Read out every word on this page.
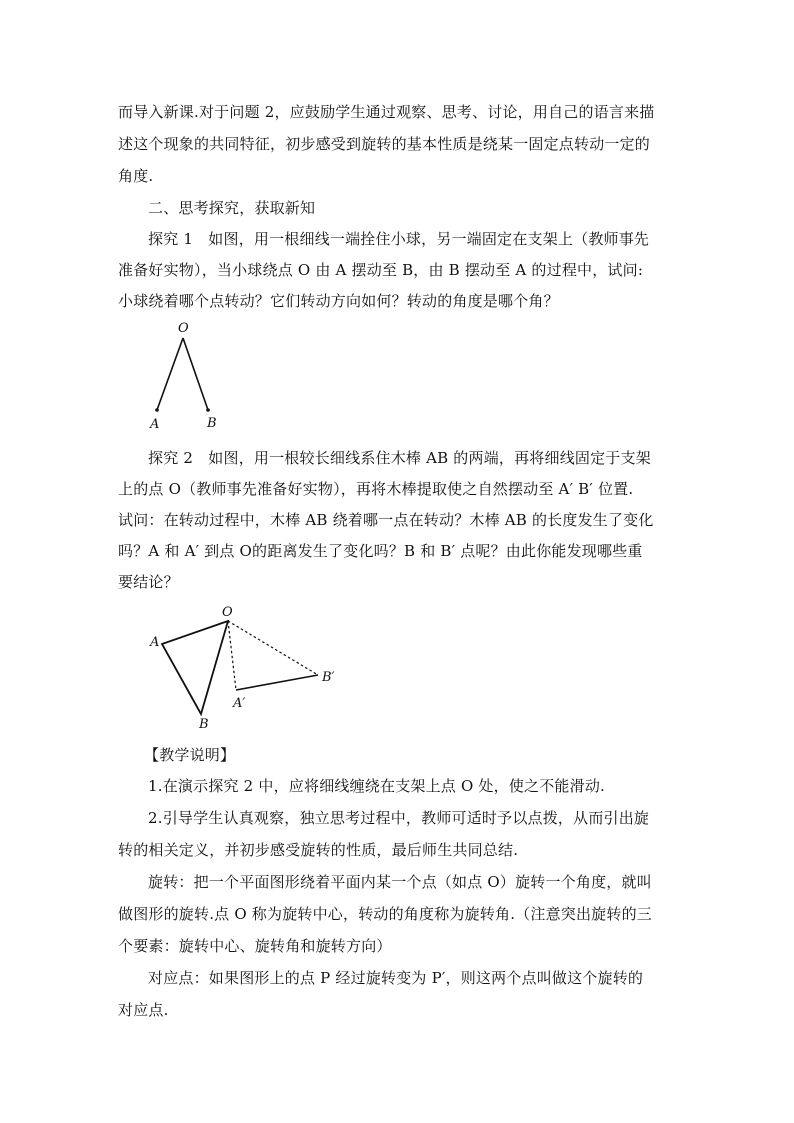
而导入新课.对于问题 2，应鼓励学生通过观察、思考、讨论，用自己的语言来描
述这个现象的共同特征，初步感受到旋转的基本性质是绕某一固定点转动一定的
角度.
二、思考探究，获取新知
探究 1　如图，用一根细线一端拴住小球，另一端固定在支架上（教师事先
准备好实物），当小球绕点 O 由 A 摆动至 B，由 B 摆动至 A 的过程中，试问:
小球绕着哪个点转动？它们转动方向如何？转动的角度是哪个角？
O
A	B
探究 2　如图，用一根较长细线系住木棒 AB 的两端，再将细线固定于支架
上的点 O（教师事先准备好实物），再将木棒提取使之自然摆动至 A′ B′ 位置.
试问：在转动过程中，木棒 AB 绕着哪一点在转动？木棒 AB 的长度发生了变化
吗？A 和 A′ 到点 O的距离发生了变化吗？B 和 B′ 点呢？由此你能发现哪些重
要结论？
O
A
B
A′
B′
【教学说明】
1.在演示探究 2 中，应将细线缠绕在支架上点 O 处，使之不能滑动.
2.引导学生认真观察，独立思考过程中，教师可适时予以点拨，从而引出旋
转的相关定义，并初步感受旋转的性质，最后师生共同总结.
旋转：把一个平面图形绕着平面内某一个点（如点 O）旋转一个角度，就叫
做图形的旋转.点 O 称为旋转中心，转动的角度称为旋转角.（注意突出旋转的三
个要素：旋转中心、旋转角和旋转方向）
对应点：如果图形上的点 P 经过旋转变为 P′，则这两个点叫做这个旋转的
对应点.
